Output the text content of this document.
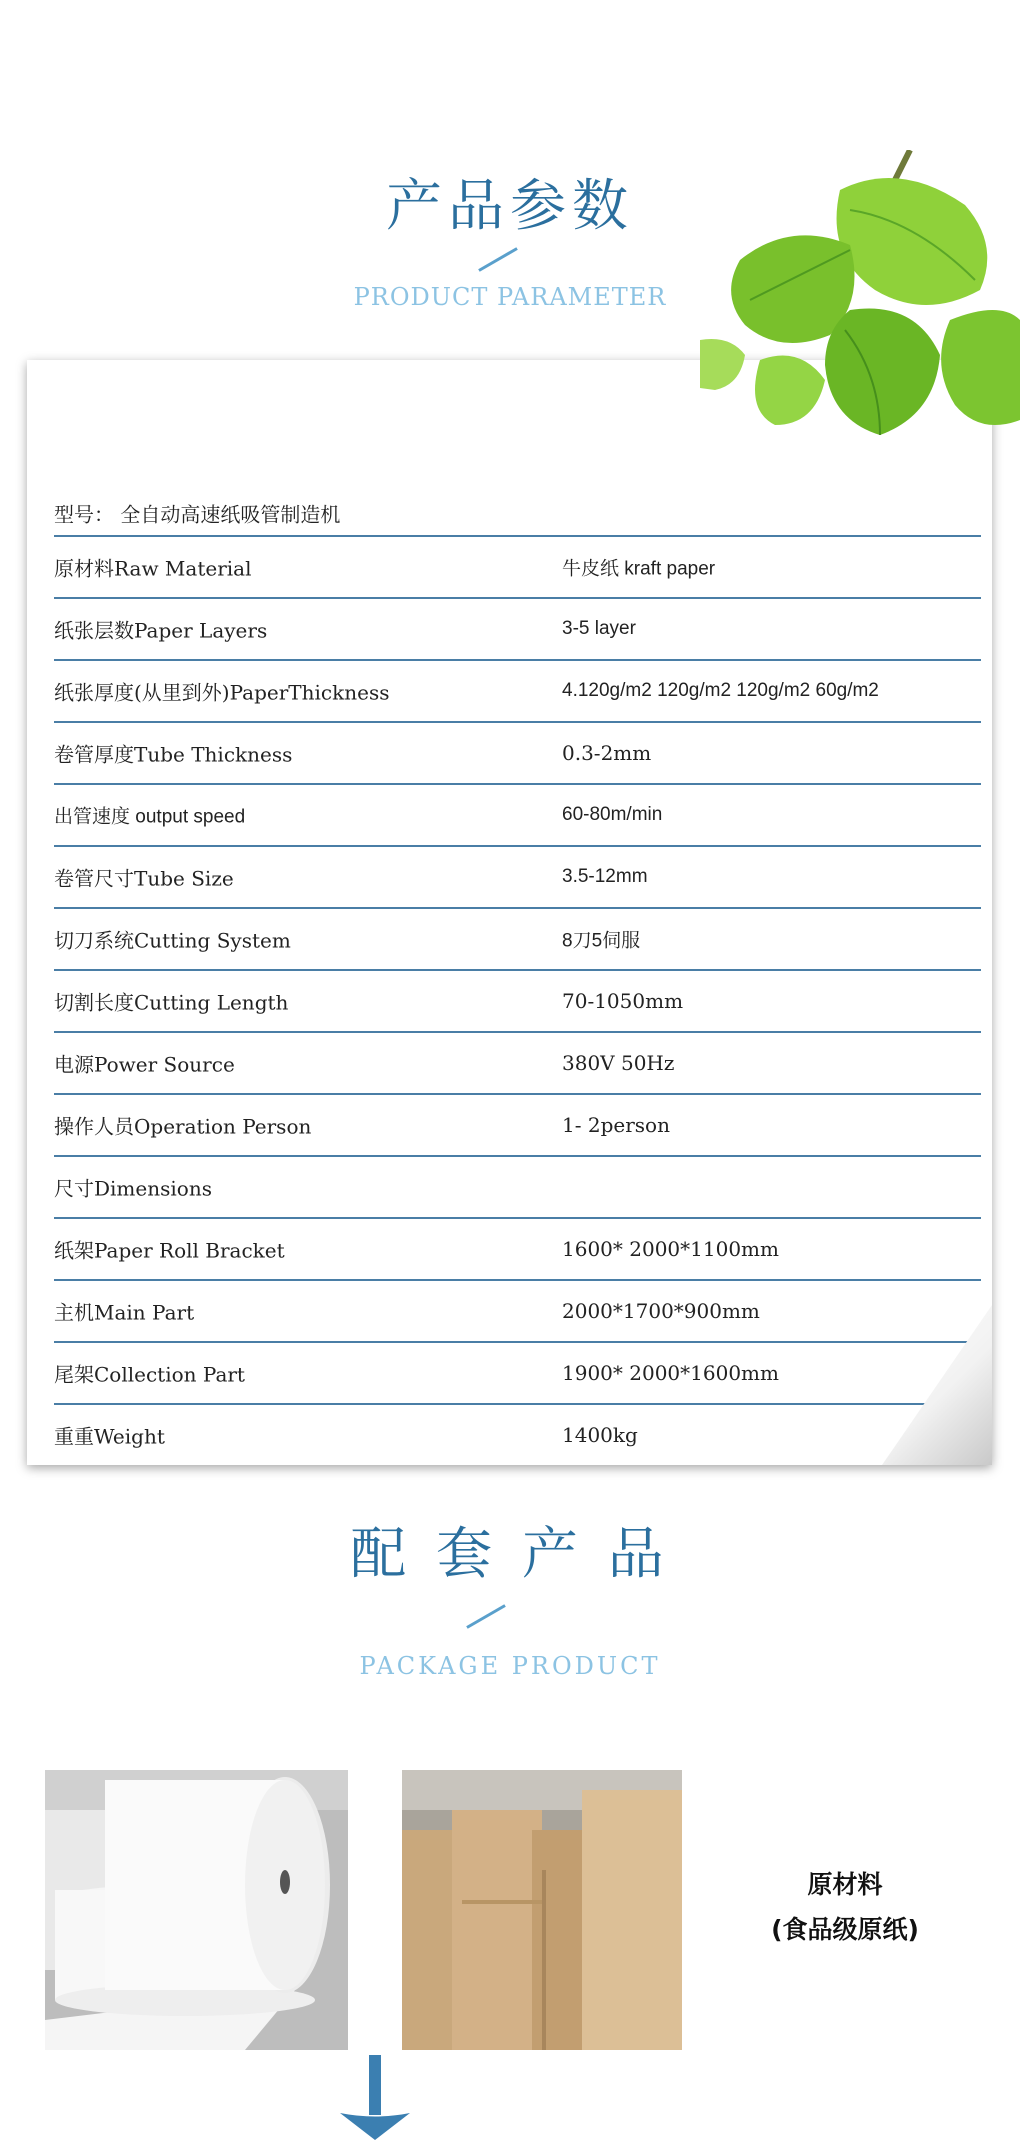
产品参数
PRODUCT PARAMETER
型号： 全自动高速纸吸管制造机
原材料Raw Material	牛皮纸 kraft paper
纸张层数Paper Layers	3-5 layer
纸张厚度(从里到外)PaperThickness	4.120g/m2 120g/m2 120g/m2 60g/m2
卷管厚度Tube Thickness	0.3-2mm
出管速度 output speed	60-80m/min
卷管尺寸Tube Size	3.5-12mm
切刀系统Cutting System	8刀5伺服
切割长度Cutting Length	70-1050mm
电源Power Source	380V 50Hz
操作人员Operation Person	1- 2person
尺寸Dimensions
纸架Paper Roll Bracket	1600* 2000*1100mm
主机Main Part	2000*1700*900mm
尾架Collection Part	1900* 2000*1600mm
重重Weight	1400kg
配 套 产 品
PACKAGE PRODUCT
原材料
(食品级原纸)
